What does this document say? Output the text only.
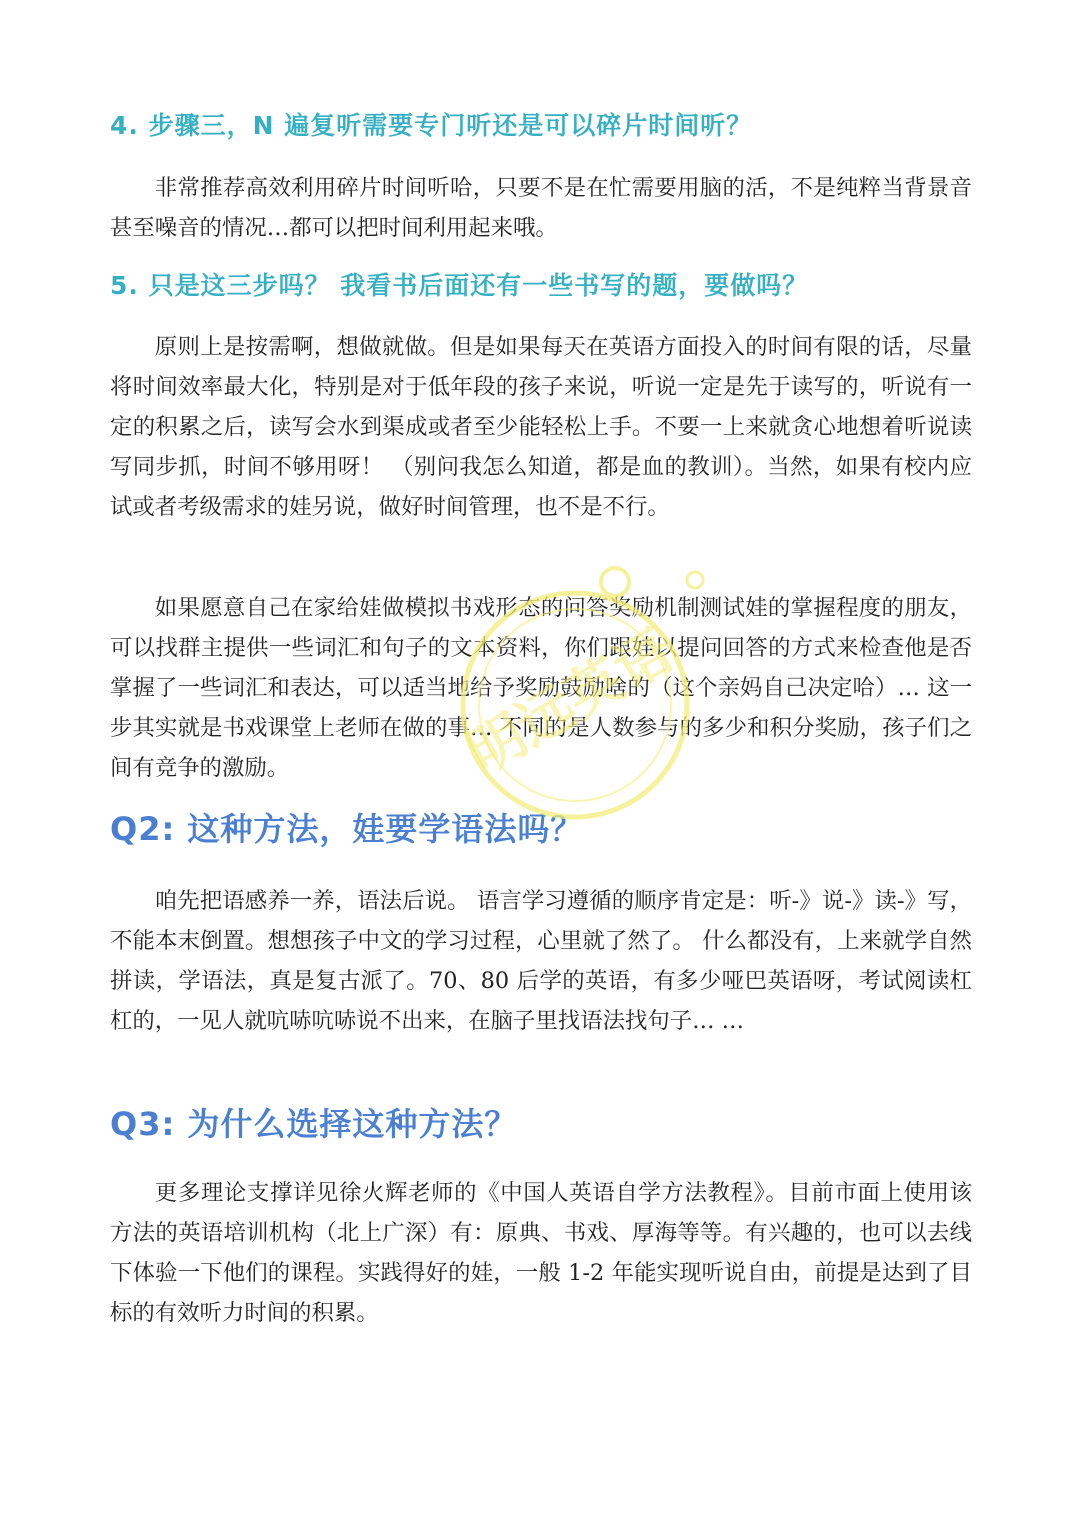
4. 步骤三，N 遍复听需要专门听还是可以碎片时间听？

非常推荐高效利用碎片时间听哈，只要不是在忙需要用脑的活，不是纯粹当背景音甚至噪音的情况…都可以把时间利用起来哦。

5. 只是这三步吗？ 我看书后面还有一些书写的题，要做吗？

原则上是按需啊，想做就做。但是如果每天在英语方面投入的时间有限的话，尽量将时间效率最大化，特别是对于低年段的孩子来说，听说一定是先于读写的，听说有一定的积累之后，读写会水到渠成或者至少能轻松上手。不要一上来就贪心地想着听说读写同步抓，时间不够用呀！ （别问我怎么知道，都是血的教训）。当然，如果有校内应试或者考级需求的娃另说，做好时间管理，也不是不行。

如果愿意自己在家给娃做模拟书戏形态的问答奖励机制测试娃的掌握程度的朋友，可以找群主提供一些词汇和句子的文本资料，你们跟娃以提问回答的方式来检查他是否掌握了一些词汇和表达，可以适当地给予奖励鼓励啥的（这个亲妈自己决定哈）… 这一步其实就是书戏课堂上老师在做的事… 不同的是人数参与的多少和积分奖励，孩子们之间有竞争的激励。

Q2: 这种方法，娃要学语法吗？

咱先把语感养一养，语法后说。 语言学习遵循的顺序肯定是：听-》说-》读-》写，不能本末倒置。想想孩子中文的学习过程，心里就了然了。 什么都没有，上来就学自然拼读，学语法，真是复古派了。70、80 后学的英语，有多少哑巴英语呀，考试阅读杠杠的，一见人就吭哧吭哧说不出来，在脑子里找语法找句子… …

Q3: 为什么选择这种方法？

更多理论支撑详见徐火辉老师的《中国人英语自学方法教程》。目前市面上使用该方法的英语培训机构（北上广深）有：原典、书戏、厚海等等。有兴趣的，也可以去线下体验一下他们的课程。实践得好的娃，一般 1-2 年能实现听说自由，前提是达到了目标的有效听力时间的积累。

明远英语
